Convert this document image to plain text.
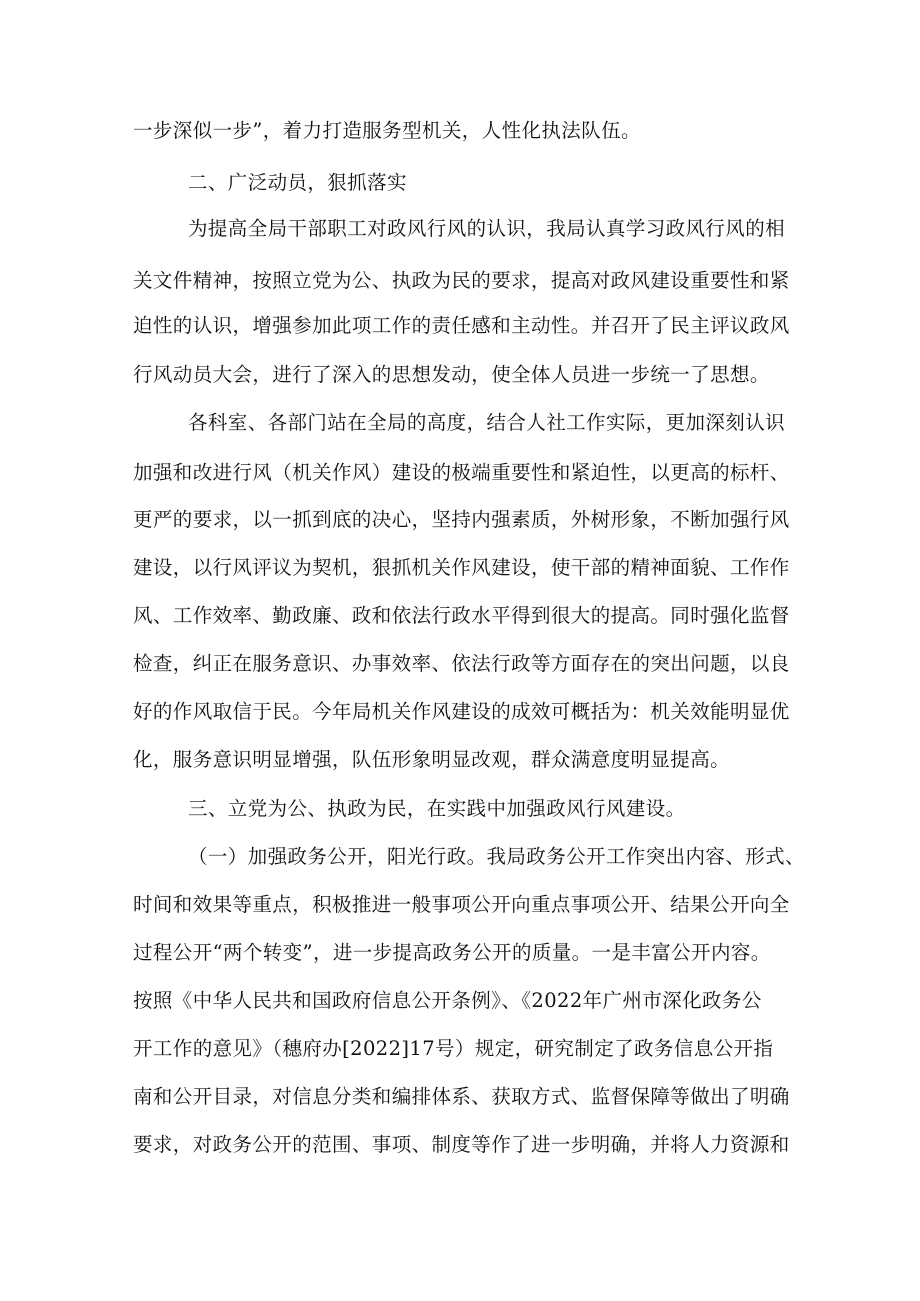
一步深似一步”，着力打造服务型机关，人性化执法队伍。
二、广泛动员，狠抓落实
为提高全局干部职工对政风行风的认识，我局认真学习政风行风的相
关文件精神，按照立党为公、执政为民的要求，提高对政风建设重要性和紧
迫性的认识，增强参加此项工作的责任感和主动性。并召开了民主评议政风
行风动员大会，进行了深入的思想发动，使全体人员进一步统一了思想。
各科室、各部门站在全局的高度，结合人社工作实际，更加深刻认识
加强和改进行风（机关作风）建设的极端重要性和紧迫性，以更高的标杆、
更严的要求，以一抓到底的决心，坚持内强素质，外树形象，不断加强行风
建设，以行风评议为契机，狠抓机关作风建设，使干部的精神面貌、工作作
风、工作效率、勤政廉、政和依法行政水平得到很大的提高。同时强化监督
检查，纠正在服务意识、办事效率、依法行政等方面存在的突出问题，以良
好的作风取信于民。今年局机关作风建设的成效可概括为：机关效能明显优
化，服务意识明显增强，队伍形象明显改观，群众满意度明显提高。
三、立党为公、执政为民，在实践中加强政风行风建设。
（一）加强政务公开，阳光行政。我局政务公开工作突出内容、形式、
时间和效果等重点，积极推进一般事项公开向重点事项公开、结果公开向全
过程公开“两个转变”，进一步提高政务公开的质量。一是丰富公开内容。
按照《中华人民共和国政府信息公开条例》、《2022年广州市深化政务公
开工作的意见》（穗府办[2022]17号）规定，研究制定了政务信息公开指
南和公开目录，对信息分类和编排体系、获取方式、监督保障等做出了明确
要求，对政务公开的范围、事项、制度等作了进一步明确，并将人力资源和
